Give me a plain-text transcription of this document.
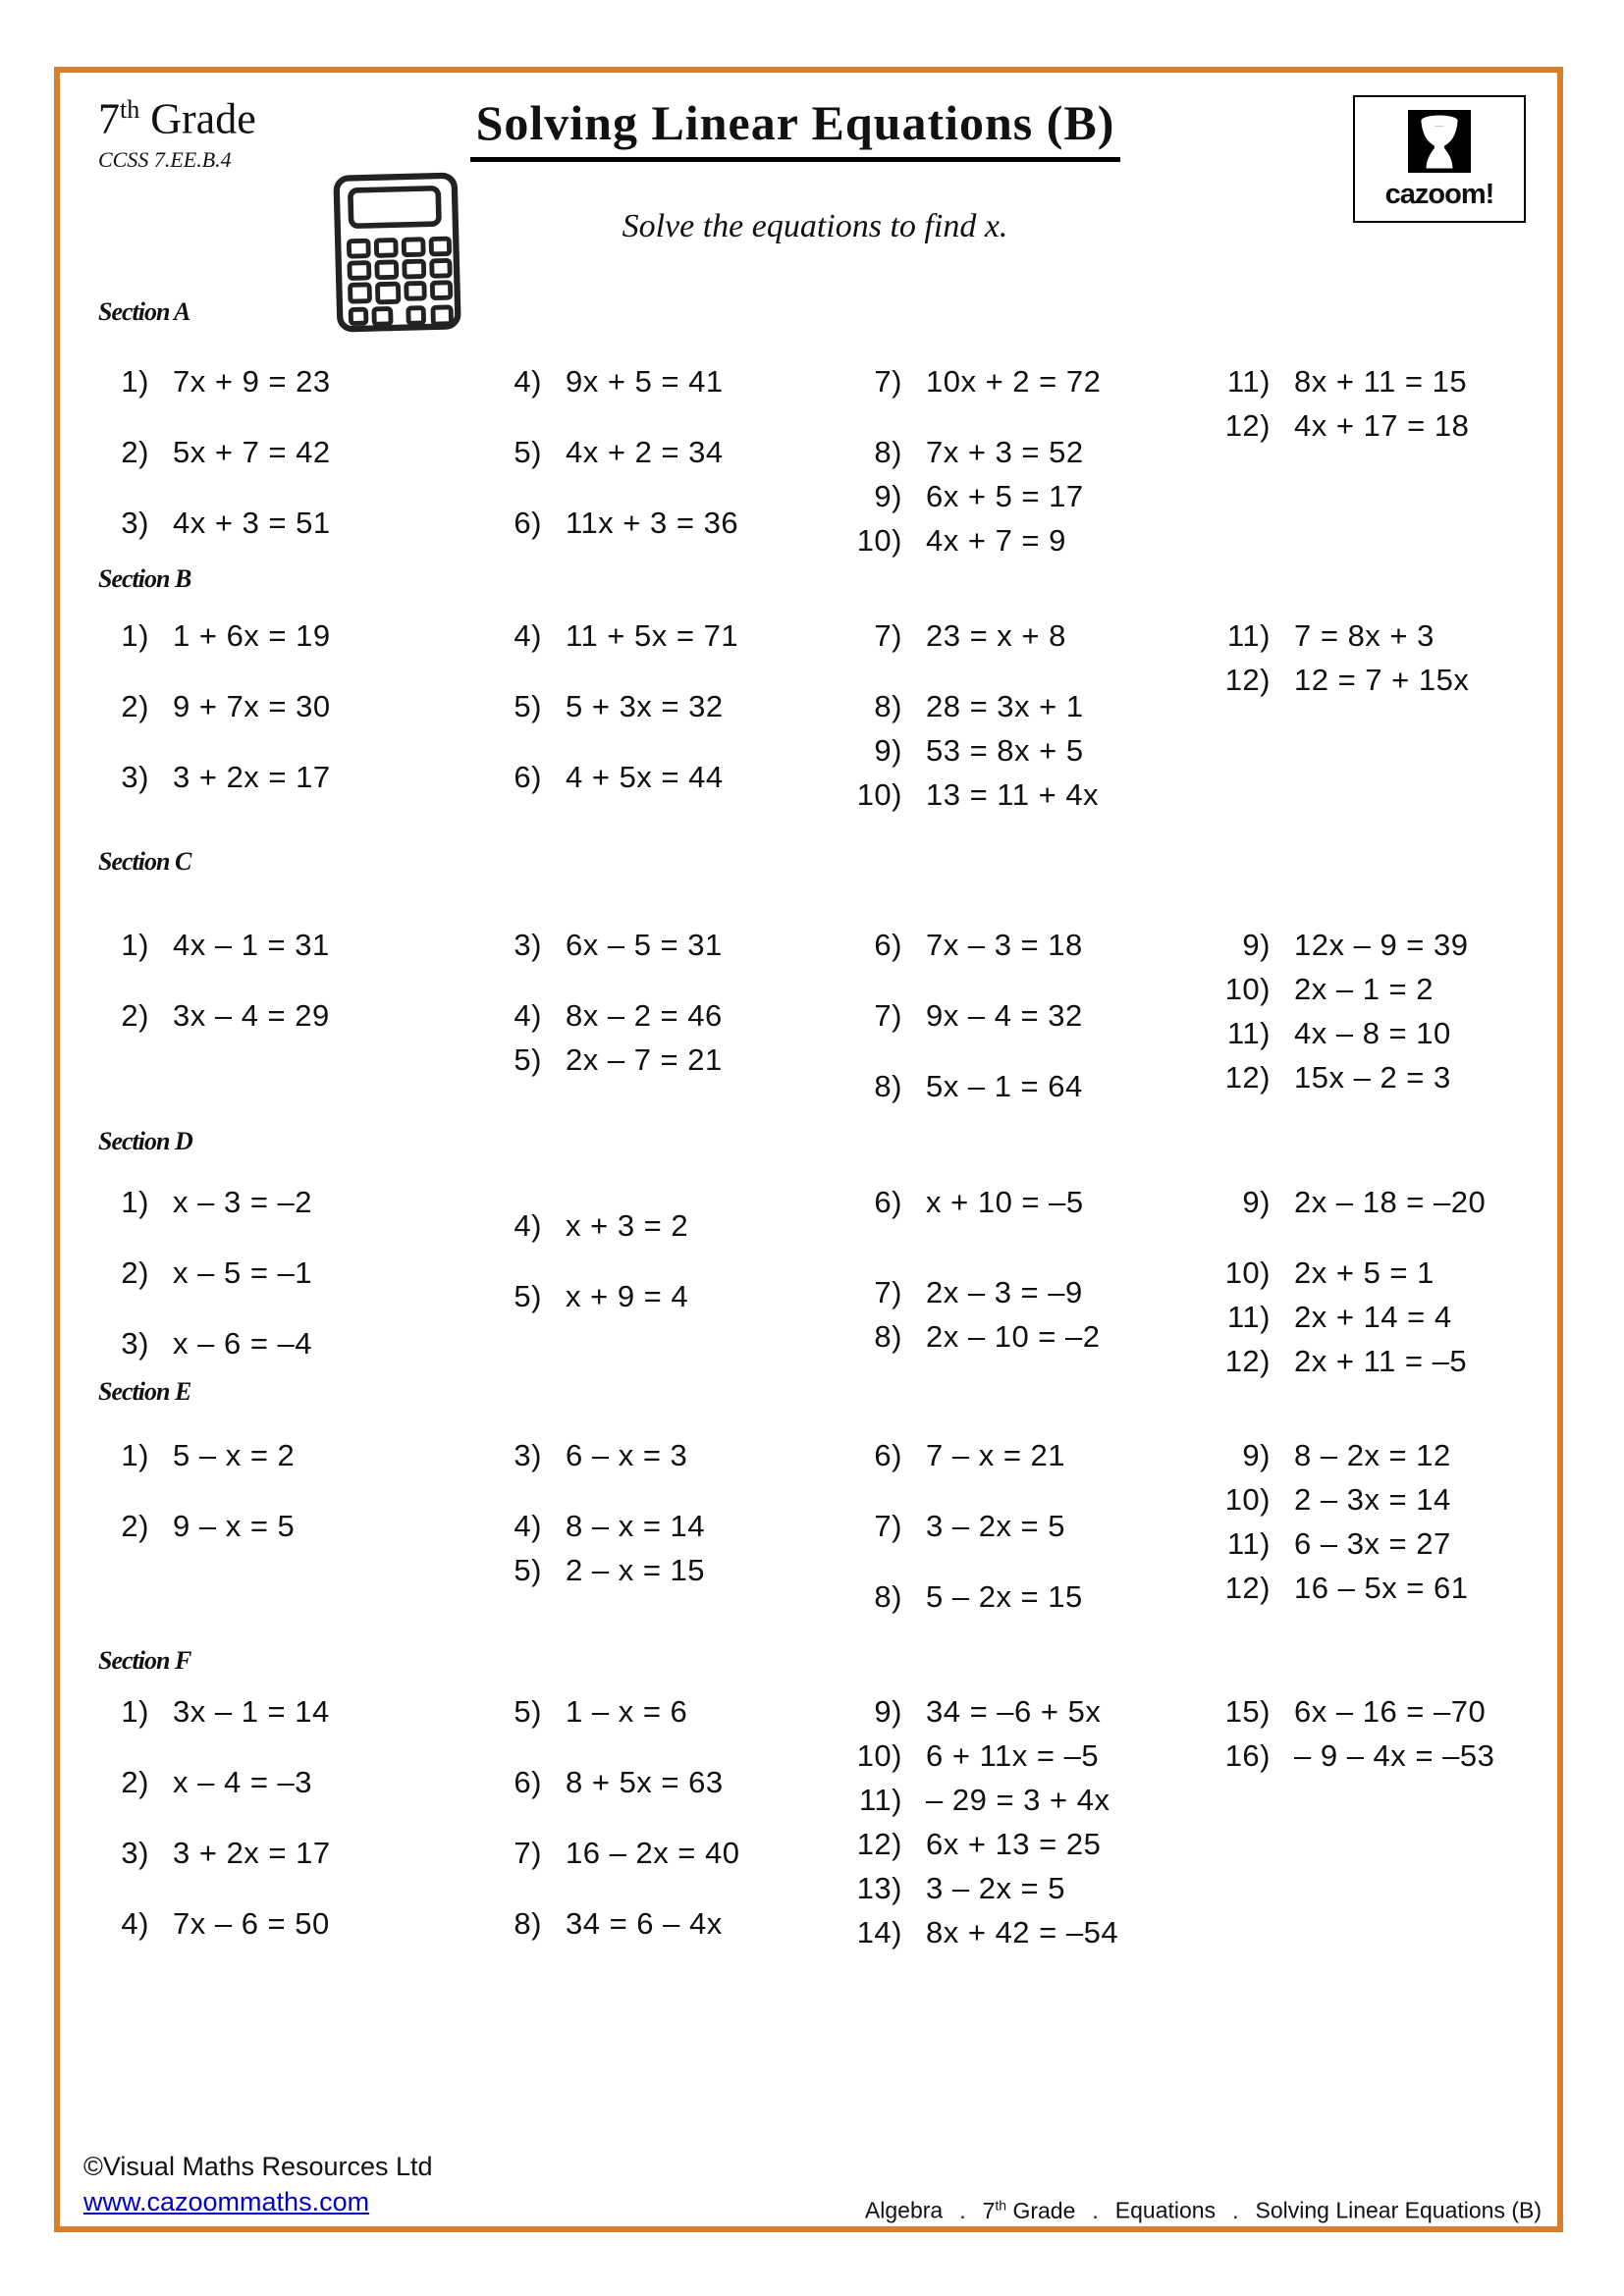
7th Grade
CCSS 7.EE.B.4
Solving Linear Equations (B)
Solve the equations to find x.
cazoom!
Section A
Section B
Section C
Section D
Section E
Section F
1) 7x + 9 = 23
2) 5x + 7 = 42
3) 4x + 3 = 51
4) 9x + 5 = 41
5) 4x + 2 = 34
6) 11x + 3 = 36
7) 10x + 2 = 72
8) 7x + 3 = 52
9) 6x + 5 = 17
10) 4x + 7 = 9
11) 8x + 11 = 15
12) 4x + 17 = 18
1) 1 + 6x = 19
2) 9 + 7x = 30
3) 3 + 2x = 17
4) 11 + 5x = 71
5) 5 + 3x = 32
6) 4 + 5x = 44
7) 23 = x + 8
8) 28 = 3x + 1
9) 53 = 8x + 5
10) 13 = 11 + 4x
11) 7 = 8x + 3
12) 12 = 7 + 15x
1) 4x – 1 = 31
2) 3x – 4 = 29
3) 6x – 5 = 31
4) 8x – 2 = 46
5) 2x – 7 = 21
6) 7x – 3 = 18
7) 9x – 4 = 32
8) 5x – 1 = 64
9) 12x – 9 = 39
10) 2x – 1 = 2
11) 4x – 8 = 10
12) 15x – 2 = 3
1) x – 3 = –2
2) x – 5 = –1
3) x – 6 = –4
4) x + 3 = 2
5) x + 9 = 4
6) x + 10 = –5
7) 2x – 3 = –9
8) 2x – 10 = –2
9) 2x – 18 = –20
10) 2x + 5 = 1
11) 2x + 14 = 4
12) 2x + 11 = –5
1) 5 – x = 2
2) 9 – x = 5
3) 6 – x = 3
4) 8 – x = 14
5) 2 – x = 15
6) 7 – x = 21
7) 3 – 2x = 5
8) 5 – 2x = 15
9) 8 – 2x = 12
10) 2 – 3x = 14
11) 6 – 3x = 27
12) 16 – 5x = 61
1) 3x – 1 = 14
2) x – 4 = –3
3) 3 + 2x = 17
4) 7x – 6 = 50
5) 1 – x = 6
6) 8 + 5x = 63
7) 16 – 2x = 40
8) 34 = 6 – 4x
9) 34 = –6 + 5x
10) 6 + 11x = –5
11) – 29 = 3 + 4x
12) 6x + 13 = 25
13) 3 – 2x = 5
14) 8x + 42 = –54
15) 6x – 16 = –70
16) – 9 – 4x = –53
©Visual Maths Resources Ltd
www.cazoommaths.com	Algebra . 7th Grade . Equations . Solving Linear Equations (B)
